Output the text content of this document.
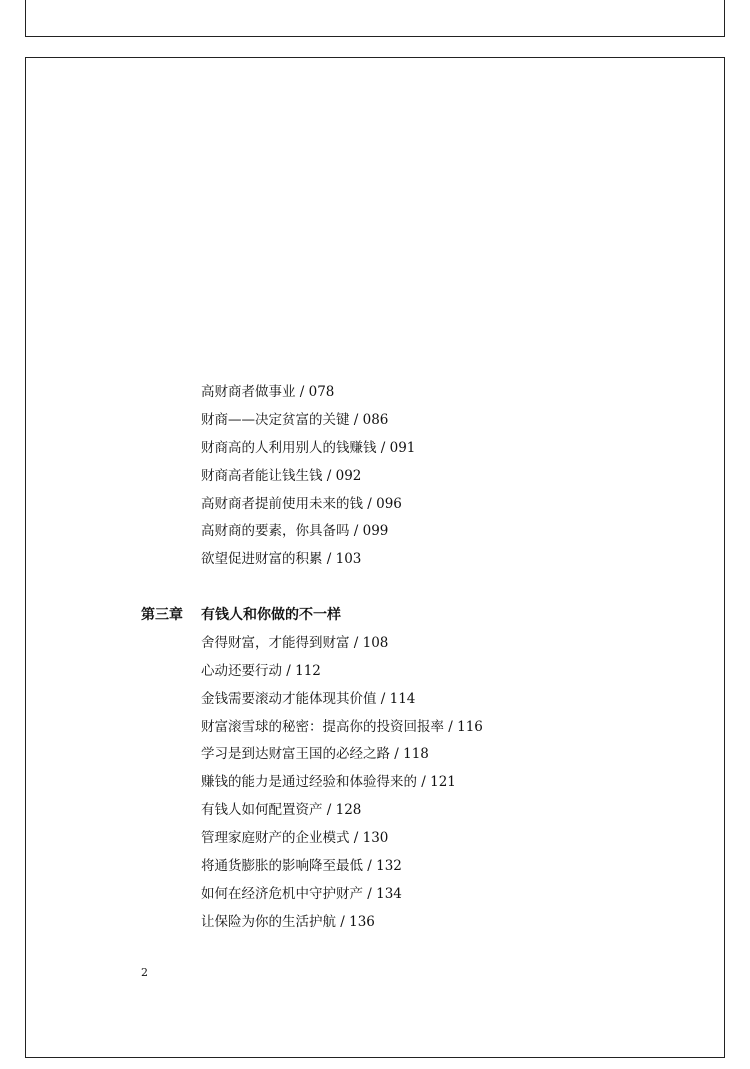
高财商者做事业 / 078
财商——决定贫富的关键 / 086
财商高的人利用别人的钱赚钱 / 091
财商高者能让钱生钱 / 092
高财商者提前使用未来的钱 / 096
高财商的要素，你具备吗 / 099
欲望促进财富的积累 / 103
第三章 有钱人和你做的不一样
舍得财富，才能得到财富 / 108
心动还要行动 / 112
金钱需要滚动才能体现其价值 / 114
财富滚雪球的秘密：提高你的投资回报率 / 116
学习是到达财富王国的必经之路 / 118
赚钱的能力是通过经验和体验得来的 / 121
有钱人如何配置资产 / 128
管理家庭财产的企业模式 / 130
将通货膨胀的影响降至最低 / 132
如何在经济危机中守护财产 / 134
让保险为你的生活护航 / 136
2
